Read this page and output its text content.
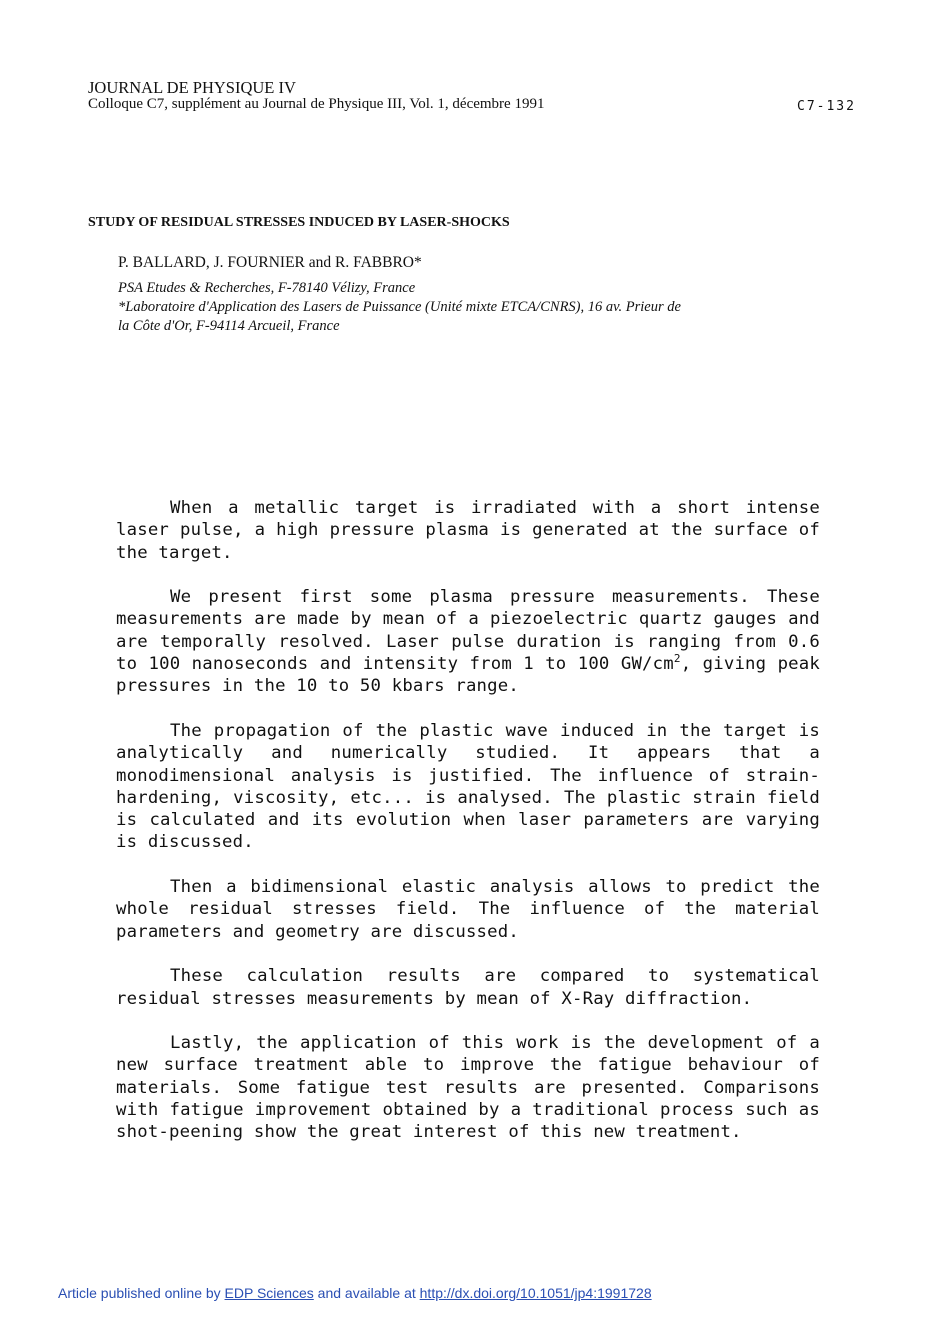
JOURNAL DE PHYSIQUE IV
Colloque C7, supplément au Journal de Physique III, Vol. 1, décembre 1991	C7-132
STUDY OF RESIDUAL STRESSES INDUCED BY LASER-SHOCKS
P. BALLARD, J. FOURNIER and R. FABBRO*
PSA Etudes & Recherches, F-78140 Vélizy, France
*Laboratoire d'Application des Lasers de Puissance (Unité mixte ETCA/CNRS), 16 av. Prieur de
la Côte d'Or, F-94114 Arcueil, France

When a metallic target is irradiated with a short intense laser pulse, a high pressure plasma is generated at the surface of the target.

We present first some plasma pressure measurements. These measurements are made by mean of a piezoelectric quartz gauges and are temporally resolved. Laser pulse duration is ranging from 0.6 to 100 nanoseconds and intensity from 1 to 100 $GW/cm^2$, giving peak pressures in the 10 to 50 kbars range.

The propagation of the plastic wave induced in the target is analytically and numerically studied. It appears that a monodimensional analysis is justified. The influence of strain-hardening, viscosity, etc... is analysed. The plastic strain field is calculated and its evolution when laser parameters are varying is discussed.

Then a bidimensional elastic analysis allows to predict the whole residual stresses field. The influence of the material parameters and geometry are discussed.

These calculation results are compared to systematical residual stresses measurements by mean of X-Ray diffraction.

Lastly, the application of this work is the development of a new surface treatment able to improve the fatigue behaviour of materials. Some fatigue test results are presented. Comparisons with fatigue improvement obtained by a traditional process such as shot-peening show the great interest of this new treatment.

Article published online by EDP Sciences and available at http://dx.doi.org/10.1051/jp4:1991728
